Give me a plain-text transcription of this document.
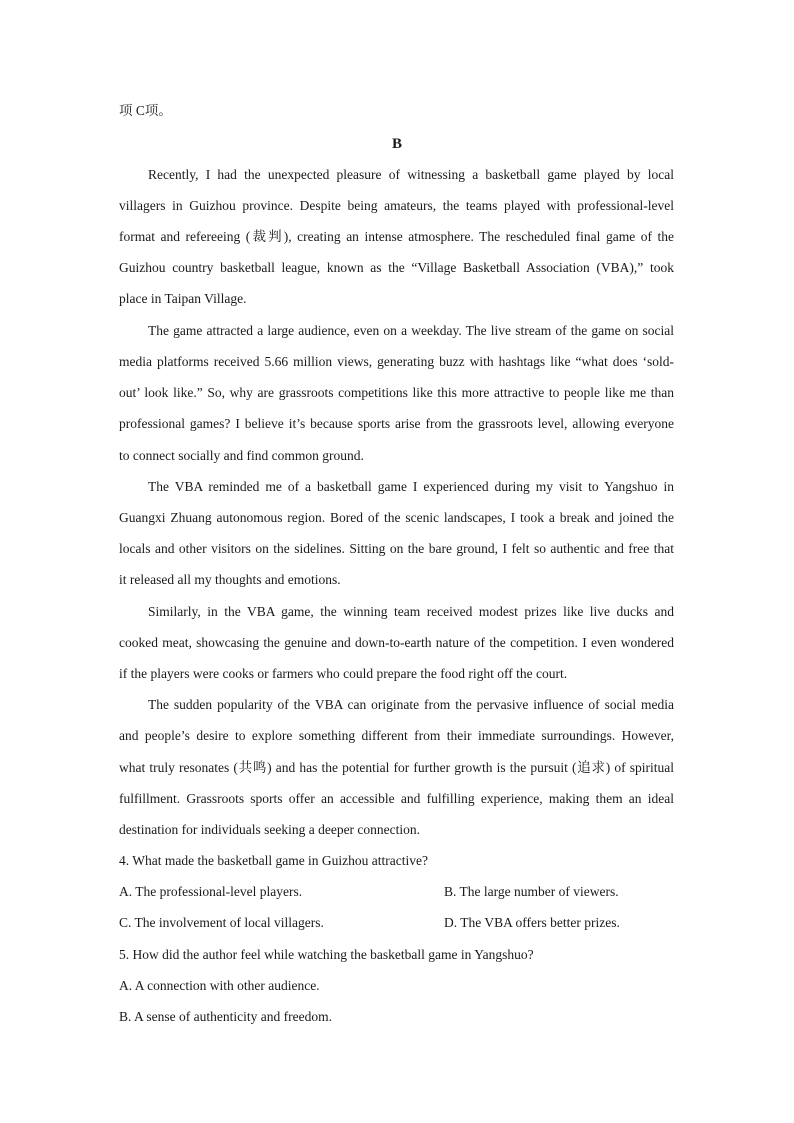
项 C项。
B
Recently, I had the unexpected pleasure of witnessing a basketball game played by local
villagers in Guizhou province. Despite being amateurs, the teams played with professional-level
format and refereeing (裁判), creating an intense atmosphere. The rescheduled final game of the
Guizhou country basketball league, known as the “Village Basketball Association (VBA),” took
place in Taipan Village.
The game attracted a large audience, even on a weekday. The live stream of the game on social
media platforms received 5.66 million views, generating buzz with hashtags like “what does ‘sold-
out’ look like.” So, why are grassroots competitions like this more attractive to people like me than
professional games? I believe it’s because sports arise from the grassroots level, allowing everyone
to connect socially and find common ground.
The VBA reminded me of a basketball game I experienced during my visit to Yangshuo in
Guangxi Zhuang autonomous region. Bored of the scenic landscapes, I took a break and joined the
locals and other visitors on the sidelines. Sitting on the bare ground, I felt so authentic and free that
it released all my thoughts and emotions.
Similarly, in the VBA game, the winning team received modest prizes like live ducks and
cooked meat, showcasing the genuine and down-to-earth nature of the competition. I even wondered
if the players were cooks or farmers who could prepare the food right off the court.
The sudden popularity of the VBA can originate from the pervasive influence of social media
and people’s desire to explore something different from their immediate surroundings. However,
what truly resonates (共鸣) and has the potential for further growth is the pursuit (追求) of spiritual
fulfillment. Grassroots sports offer an accessible and fulfilling experience, making them an ideal
destination for individuals seeking a deeper connection.
4. What made the basketball game in Guizhou attractive?
A. The professional-level players.	B. The large number of viewers.
C. The involvement of local villagers.	D. The VBA offers better prizes.
5. How did the author feel while watching the basketball game in Yangshuo?
A. A connection with other audience.
B. A sense of authenticity and freedom.
